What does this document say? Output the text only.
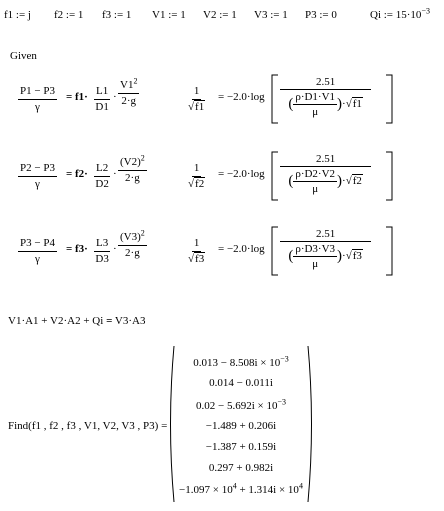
f1 := j f2 := 1 f3 := 1 V1 := 1 V2 := 1 V3 := 1 P3 := 0	Qi := $15\cdot 10^{-3}$
Given
$\frac{P1 - P3}{\gamma} = f1\cdot \frac{L1}{D1} \cdot \frac{V1^2}{2\cdot g}$	$\frac{1}{√f1} = -2.0\cdot\log$
2.51
( $\frac{\rho\cdot D1\cdot V1}{\mu}$ ) ·√f1
$\frac{P2 - P3}{\gamma} = f2\cdot \frac{L2}{D2} \cdot \frac{(V2)^2}{2\cdot g}$	$\frac{1}{√f2} = -2.0\cdot\log$
2.51
( $\frac{\rho\cdot D2\cdot V2}{\mu}$ ) ·√f2
$\frac{P3 - P4}{\gamma} = f3\cdot \frac{L3}{D3} \cdot \frac{(V3)^2}{2\cdot g}$	$\frac{1}{√f3} = -2.0\cdot\log$
2.51
( $\frac{\rho\cdot D3\cdot V3}{\mu}$ ) ·√f3
V1·A1 + V2·A2 + Qi = V3·A3
Find(f1 , f2 , f3 , V1, V2, V3 , P3) =
$0.013 - 8.508i \times 10^{-3}$
0.014 − 0.011i
$0.02 - 5.692i \times 10^{-3}$
−1.489 + 0.206i
−1.387 + 0.159i
0.297 + 0.982i
$-1.097 \times 10^4 + 1.314i \times 10^4$
